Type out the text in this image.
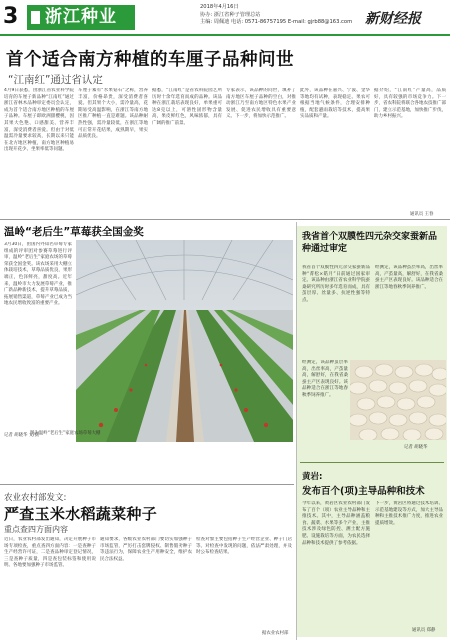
3	浙江种业	2018年4月16日
协办: 浙江省种子管理总站
主编: 周佩迪 电话: 0571-86757195 E-mail: gjrb88@163.com 新财经报
首个适合南方种植的车厘子品种问世
“江南红”通过省认定
4月9日获悉，由浙江省农业科学院培育的车厘子新品种“江南红”通过浙江省林木品种审定委员会认定，成为首个适合南方地区种植的车厘子品种。车厘子即欧洲甜樱桃，因其果大色艳、口感甜美、营养丰富，深受消费者喜爱。但由于对低温需冷量要求较高，长期以来只能在北方地区种植，南方地区种植易出现开花少、坐果率低等问题。
车厘子素有“水果钻石”之称，营养丰富，价格昂贵，深受消费者喜爱。但其果个大小，需冷量高，花期易受高温影响，在浙江等南方地区推广种植一直是难题。该品种耐热性强，需冷量较低，在浙江等地可正常开花结果，成熟期早，果实品质优良。
据悉，“江南红”是省农科院园艺所历时十余年选育而成的品种。该品种在浙江栽培表现良好，单果重可达8克以上，可溶性固形物含量高，果皮鲜红色，风味浓郁，具有广阔的推广前景。
专家表示，该品种的问世，填补了南方地区车厘子品种的空白，对推动浙江乃至南方地区特色水果产业发展、促进农民增收具有重要意义。下一步，将加快示范推广。
此外，该品种在嘉兴、宁波、金华等地均有试种，表现稳定。果农可根据当地气候条件，合理安排种植，配套避雨栽培等技术，提高果实品质和产量。
据介绍，“江南红”产量高，品质好，具有较强的市场竞争力。下一步，省农科院将联合各地农技推广部门，建立示范基地，加快推广步伐，助力乡村振兴。
通讯员 王春
温岭“老后生”草莓获全国金奖
3月30日，由国内外知名草莓专家组成的评审团对参赛草莓进行评审，温岭“老后生”家庭农场的草莓荣获全国金奖。该农场采用大棚立体栽培技术，草莓品质优良，果形端正，色泽鲜亮，甜度高。近年来，温岭市大力发展草莓产业，推广新品种新技术，提升草莓品质，拓展销售渠道，草莓产业已成为当地农民增收致富的重要产业。
记者 胡晓华 文/摄
图为温岭“老后生”家庭农场草莓大棚
我省首个双膜性四元杂交家蚕新品种通过审定
我省首个双膜性四元杂交家蚕新品种“菁松×皓月”日前通过国家审定。该品种由浙江省农业科学院蚕桑研究所历时多年选育而成，具有茧层厚、丝量多、抗逆性强等特点。
经测定，该品种茧层率高，出丝率高，产茧量高，解舒好，在我省桑蚕主产区表现良好。该品种适合在浙江等地春秋季饲养推广。
经测定，该品种茧层率高，出丝率高，产茧量高，解舒好，在我省桑蚕主产区表现良好。该品种适合在浙江等地春秋季饲养推广。
记者 胡晓华
黄岩:
发布百个(项)主导品种和技术
今年以来，黄岩区农业农村部门发布了百个（项）农业主导品种和主推技术。其中，主导品种涵盖粮食、蔬菜、水果等多个产业，主推技术涉及绿色防控、测土配方施肥、设施栽培等方面，为农民选择品种和技术提供了参考依据。
下一步，黄岩区将通过技术培训、示范基地建设等方式，加大主导品种和主推技术推广力度，推进农业提质增效。
通讯员 郑静
农业农村部发文:
严查玉米水稻蔬菜种子
重点查四方面内容
近日，农业农村部发出通知，决定开展种子市场专项检查，重点查四方面内容：一是查种子生产经营许可证，二是查品种审定登记情况，三是查种子质量，四是查包装标签和使用说明。各地要加强种子市场监管。
通知要求，各级农业农村部门要切实加强种子市场监管，严厉打击套牌侵权、制售假劣种子等违法行为，保障农业生产用种安全，维护农民合法权益。
检查对象主要包括种子生产经营企业、种子门店等。对检查中发现的问题，依法严肃处理，并及时公布检查结果。
据农业农村部
